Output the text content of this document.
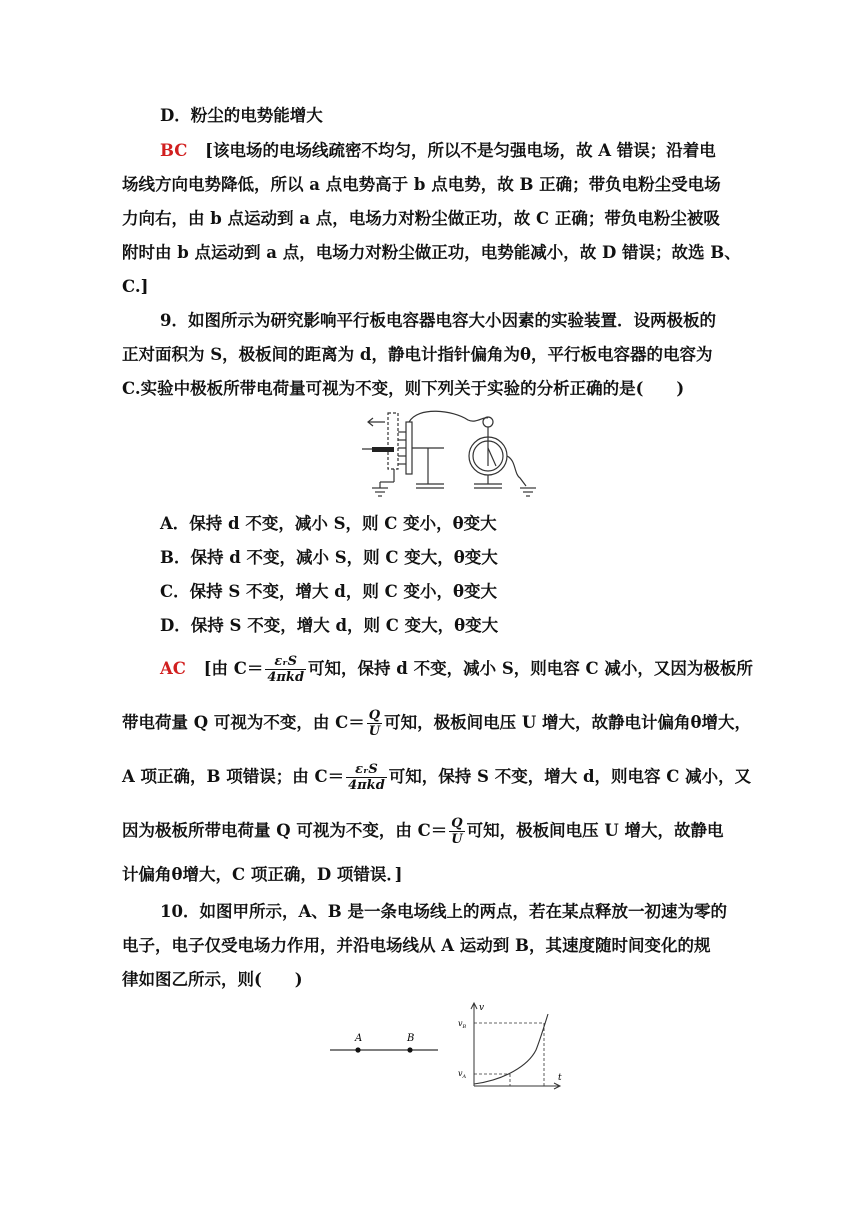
D．粉尘的电势能增大
BC [该电场的电场线疏密不均匀，所以不是匀强电场，故 A 错误；沿着电
场线方向电势降低，所以 a 点电势高于 b 点电势，故 B 正确；带负电粉尘受电场
力向右，由 b 点运动到 a 点，电场力对粉尘做正功，故 C 正确；带负电粉尘被吸
附时由 b 点运动到 a 点，电场力对粉尘做正功，电势能减小，故 D 错误；故选 B、
C.]
9．如图所示为研究影响平行板电容器电容大小因素的实验装置．设两极板的
正对面积为 S，极板间的距离为 d，静电计指针偏角为θ，平行板电容器的电容为
C.实验中极板所带电荷量可视为不变，则下列关于实验的分析正确的是(　　)
A．保持 d 不变，减小 S，则 C 变小，θ变大
B．保持 d 不变，减小 S，则 C 变大，θ变大
C．保持 S 不变，增大 d，则 C 变小，θ变大
D．保持 S 不变，增大 d，则 C 变大，θ变大
AC [由 $C= \frac{\text{εᵣS}}{\text{4πkd}}$ 可知，保持 d 不变，减小 S，则电容 C 减小，又因为极板所
带电荷量 Q 可视为不变，由 $C= \frac{Q}{U}$ 可知，极板间电压 U 增大，故静电计偏角θ增大，
A 项正确，B 项错误；由 $C= \frac{\text{εᵣS}}{\text{4πkd}}$ 可知，保持 S 不变，增大 d，则电容 C 减小，又
因为极板所带电荷量 Q 可视为不变，由 $C= \frac{Q}{U}$ 可知，极板间电压 U 增大，故静电
计偏角θ增大，C 项正确，D 项错误．]
10．如图甲所示，A、B 是一条电场线上的两点，若在某点释放一初速为零的
电子，电子仅受电场力作用，并沿电场线从 A 运动到 B，其速度随时间变化的规
律如图乙所示，则(　　)
A	B
v
t
$v_B$
$v_A$
